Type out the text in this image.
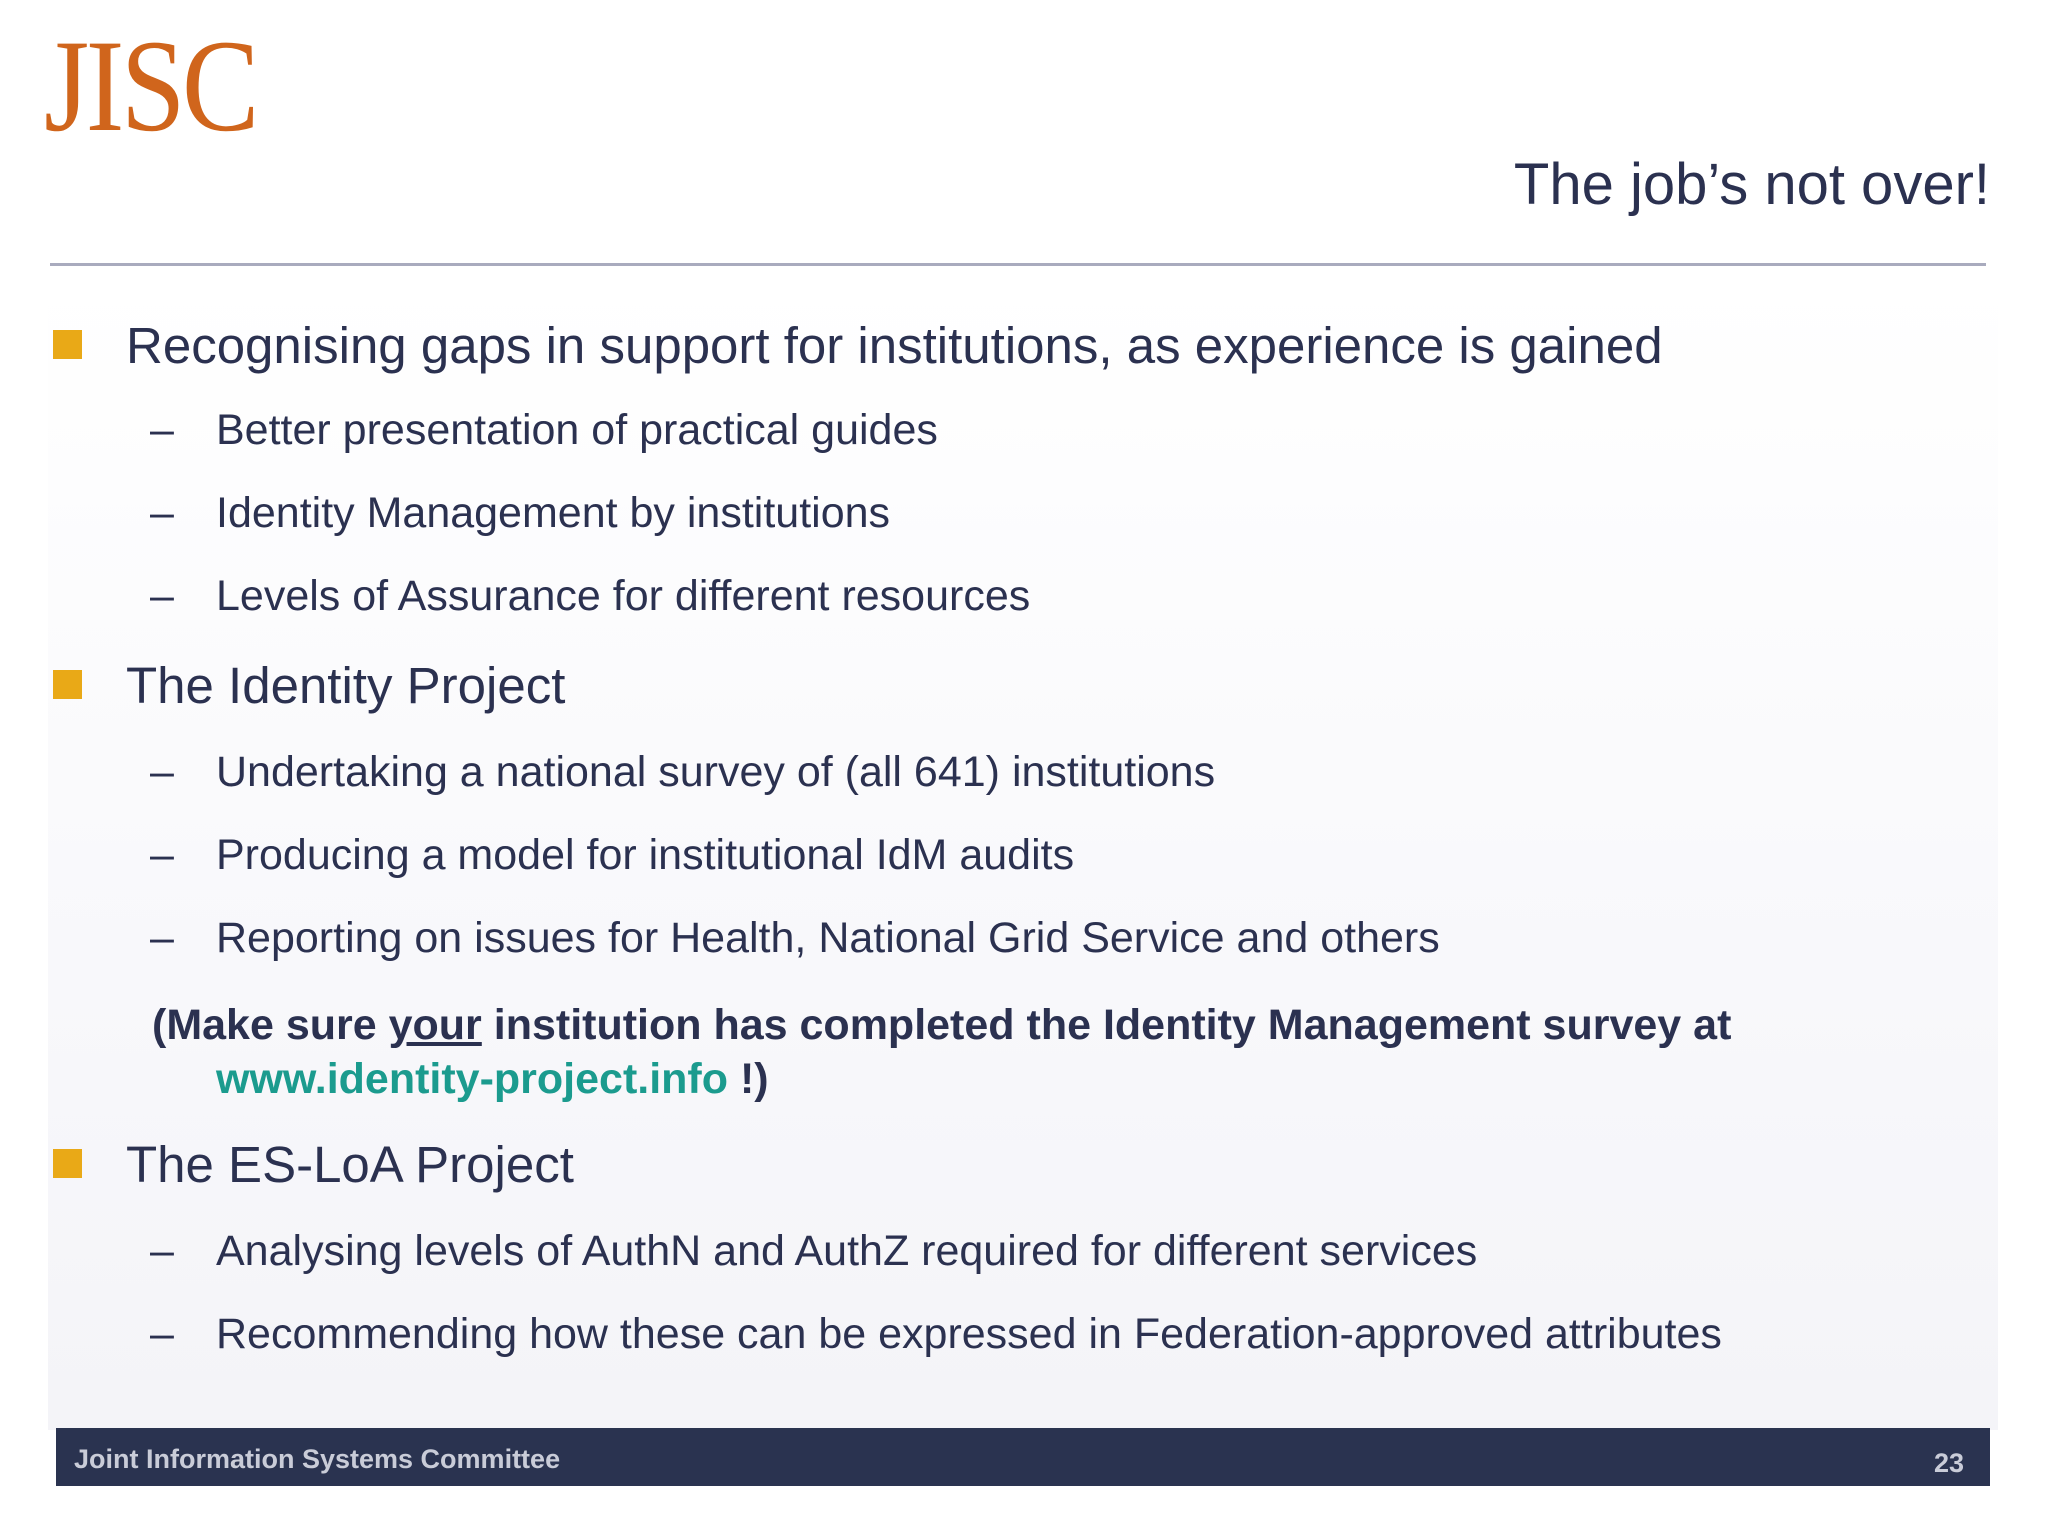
JISC
The job’s not over!
Recognising gaps in support for institutions, as experience is gained
– Better presentation of practical guides
– Identity Management by institutions
– Levels of Assurance for different resources
The Identity Project
– Undertaking a national survey of (all 641) institutions
– Producing a model for institutional IdM audits
– Reporting on issues for Health, National Grid Service and others
(Make sure your institution has completed the Identity Management survey at
www.identity-project.info !)
The ES-LoA Project
– Analysing levels of AuthN and AuthZ required for different services
– Recommending how these can be expressed in Federation-approved attributes
Joint Information Systems Committee	23
